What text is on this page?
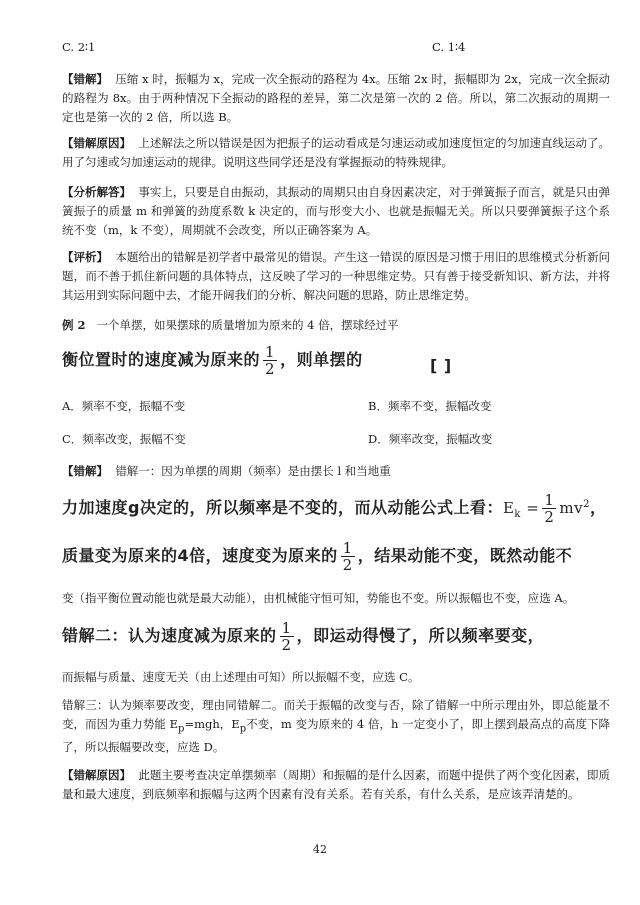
C. 2∶1	C. 1∶4
【错解】 压缩 x 时，振幅为 x，完成一次全振动的路程为 4x。压缩 2x 时，振幅即为 2x，完成一次全振动的路程为 8x。由于两种情况下全振动的路程的差异，第二次是第一次的 2 倍。所以，第二次振动的周期一定也是第一次的 2 倍，所以选 B。
【错解原因】 上述解法之所以错误是因为把振子的运动看成是匀速运动或加速度恒定的匀加速直线运动了。用了匀速或匀加速运动的规律。说明这些同学还是没有掌握振动的特殊规律。
【分析解答】 事实上，只要是自由振动，其振动的周期只由自身因素决定，对于弹簧振子而言，就是只由弹簧振子的质量 m 和弹簧的劲度系数 k 决定的，而与形变大小、也就是振幅无关。所以只要弹簧振子这个系统不变（m，k 不变），周期就不会改变，所以正确答案为 A。
【评析】 本题给出的错解是初学者中最常见的错误。产生这一错误的原因是习惯于用旧的思维模式分析新问题，而不善于抓住新问题的具体特点，这反映了学习的一种思维定势。只有善于接受新知识、新方法，并将其运用到实际问题中去，才能开阔我们的分析、解决问题的思路，防止思维定势。
例 2 一个单摆，如果摆球的质量增加为原来的 4 倍，摆球经过平
衡位置时的速度减为原来的 $\frac{1}{2}$ ，则单摆的	[ ]
A．频率不变，振幅不变	B．频率不变，振幅改变
C．频率改变，振幅不变	D．频率改变，振幅改变
【错解】 错解一：因为单摆的周期（频率）是由摆长 l 和当地重
力加速度g决定的，所以频率是不变的，而从动能公式上看：$E_k = \frac{1}{2} mv^2$，
质量变为原来的4倍，速度变为原来的 $\frac{1}{2}$ ，结果动能不变，既然动能不
变（指平衡位置动能也就是最大动能），由机械能守恒可知，势能也不变。所以振幅也不变，应选 A。
错解二：认为速度减为原来的 $\frac{1}{2}$ ，即运动得慢了，所以频率要变，
而振幅与质量、速度无关（由上述理由可知）所以振幅不变，应选 C。
错解三：认为频率要改变，理由同错解二。而关于振幅的改变与否，除了错解一中所示理由外，即总能量不变，而因为重力势能 $E_p=mgh$，$E_p$不变，m 变为原来的 4 倍，h 一定变小了，即上摆到最高点的高度下降了，所以振幅要改变，应选 D。
【错解原因】 此题主要考查决定单摆频率（周期）和振幅的是什么因素，而题中提供了两个变化因素，即质量和最大速度，到底频率和振幅与这两个因素有没有关系。若有关系，有什么关系，是应该弄清楚的。
42
